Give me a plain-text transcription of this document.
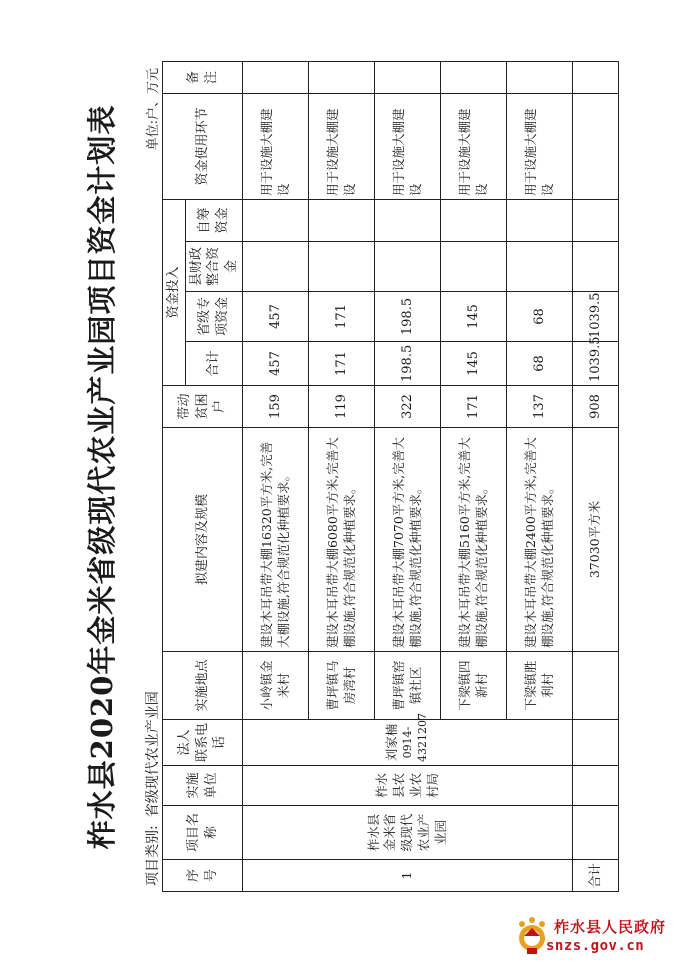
柞水县2020年金米省级现代农业产业园项目资金计划表
项目类别:省级现代农业产业园
单位:户、万元
序号	项目名称	实施单位	法人 联系电话	实施地点	拟建内容及规模	带动贫困户	资金投入				资金使用环节	备注
							合计	省级专项资金	县财政整合资金	自筹资金		
1	柞水县金米省级现代农业产业园	柞水县农业农村局	刘家楠 0914-4321207	小岭镇金米村	建设木耳吊带大棚16320平方米,完善大棚设施,符合规范化种植要求。	159	457	457			用于设施大棚建设	
				曹坪镇马房湾村	建设木耳吊带大棚6080平方米,完善大棚设施,符合规范化种植要求。	119	171	171			用于设施大棚建设	
				曹坪镇窑镇社区	建设木耳吊带大棚7070平方米,完善大棚设施,符合规范化种植要求。	322	198.5	198.5			用于设施大棚建设	
				下梁镇四新村	建设木耳吊带大棚5160平方米,完善大棚设施,符合规范化种植要求。	171	145	145			用于设施大棚建设	
				下梁镇胜利村	建设木耳吊带大棚2400平方米,完善大棚设施,符合规范化种植要求。	137	68	68			用于设施大棚建设	
合计					37030平方米	908	1039.5	1039.5				
柞水县人民政府
snzs.gov.cn
